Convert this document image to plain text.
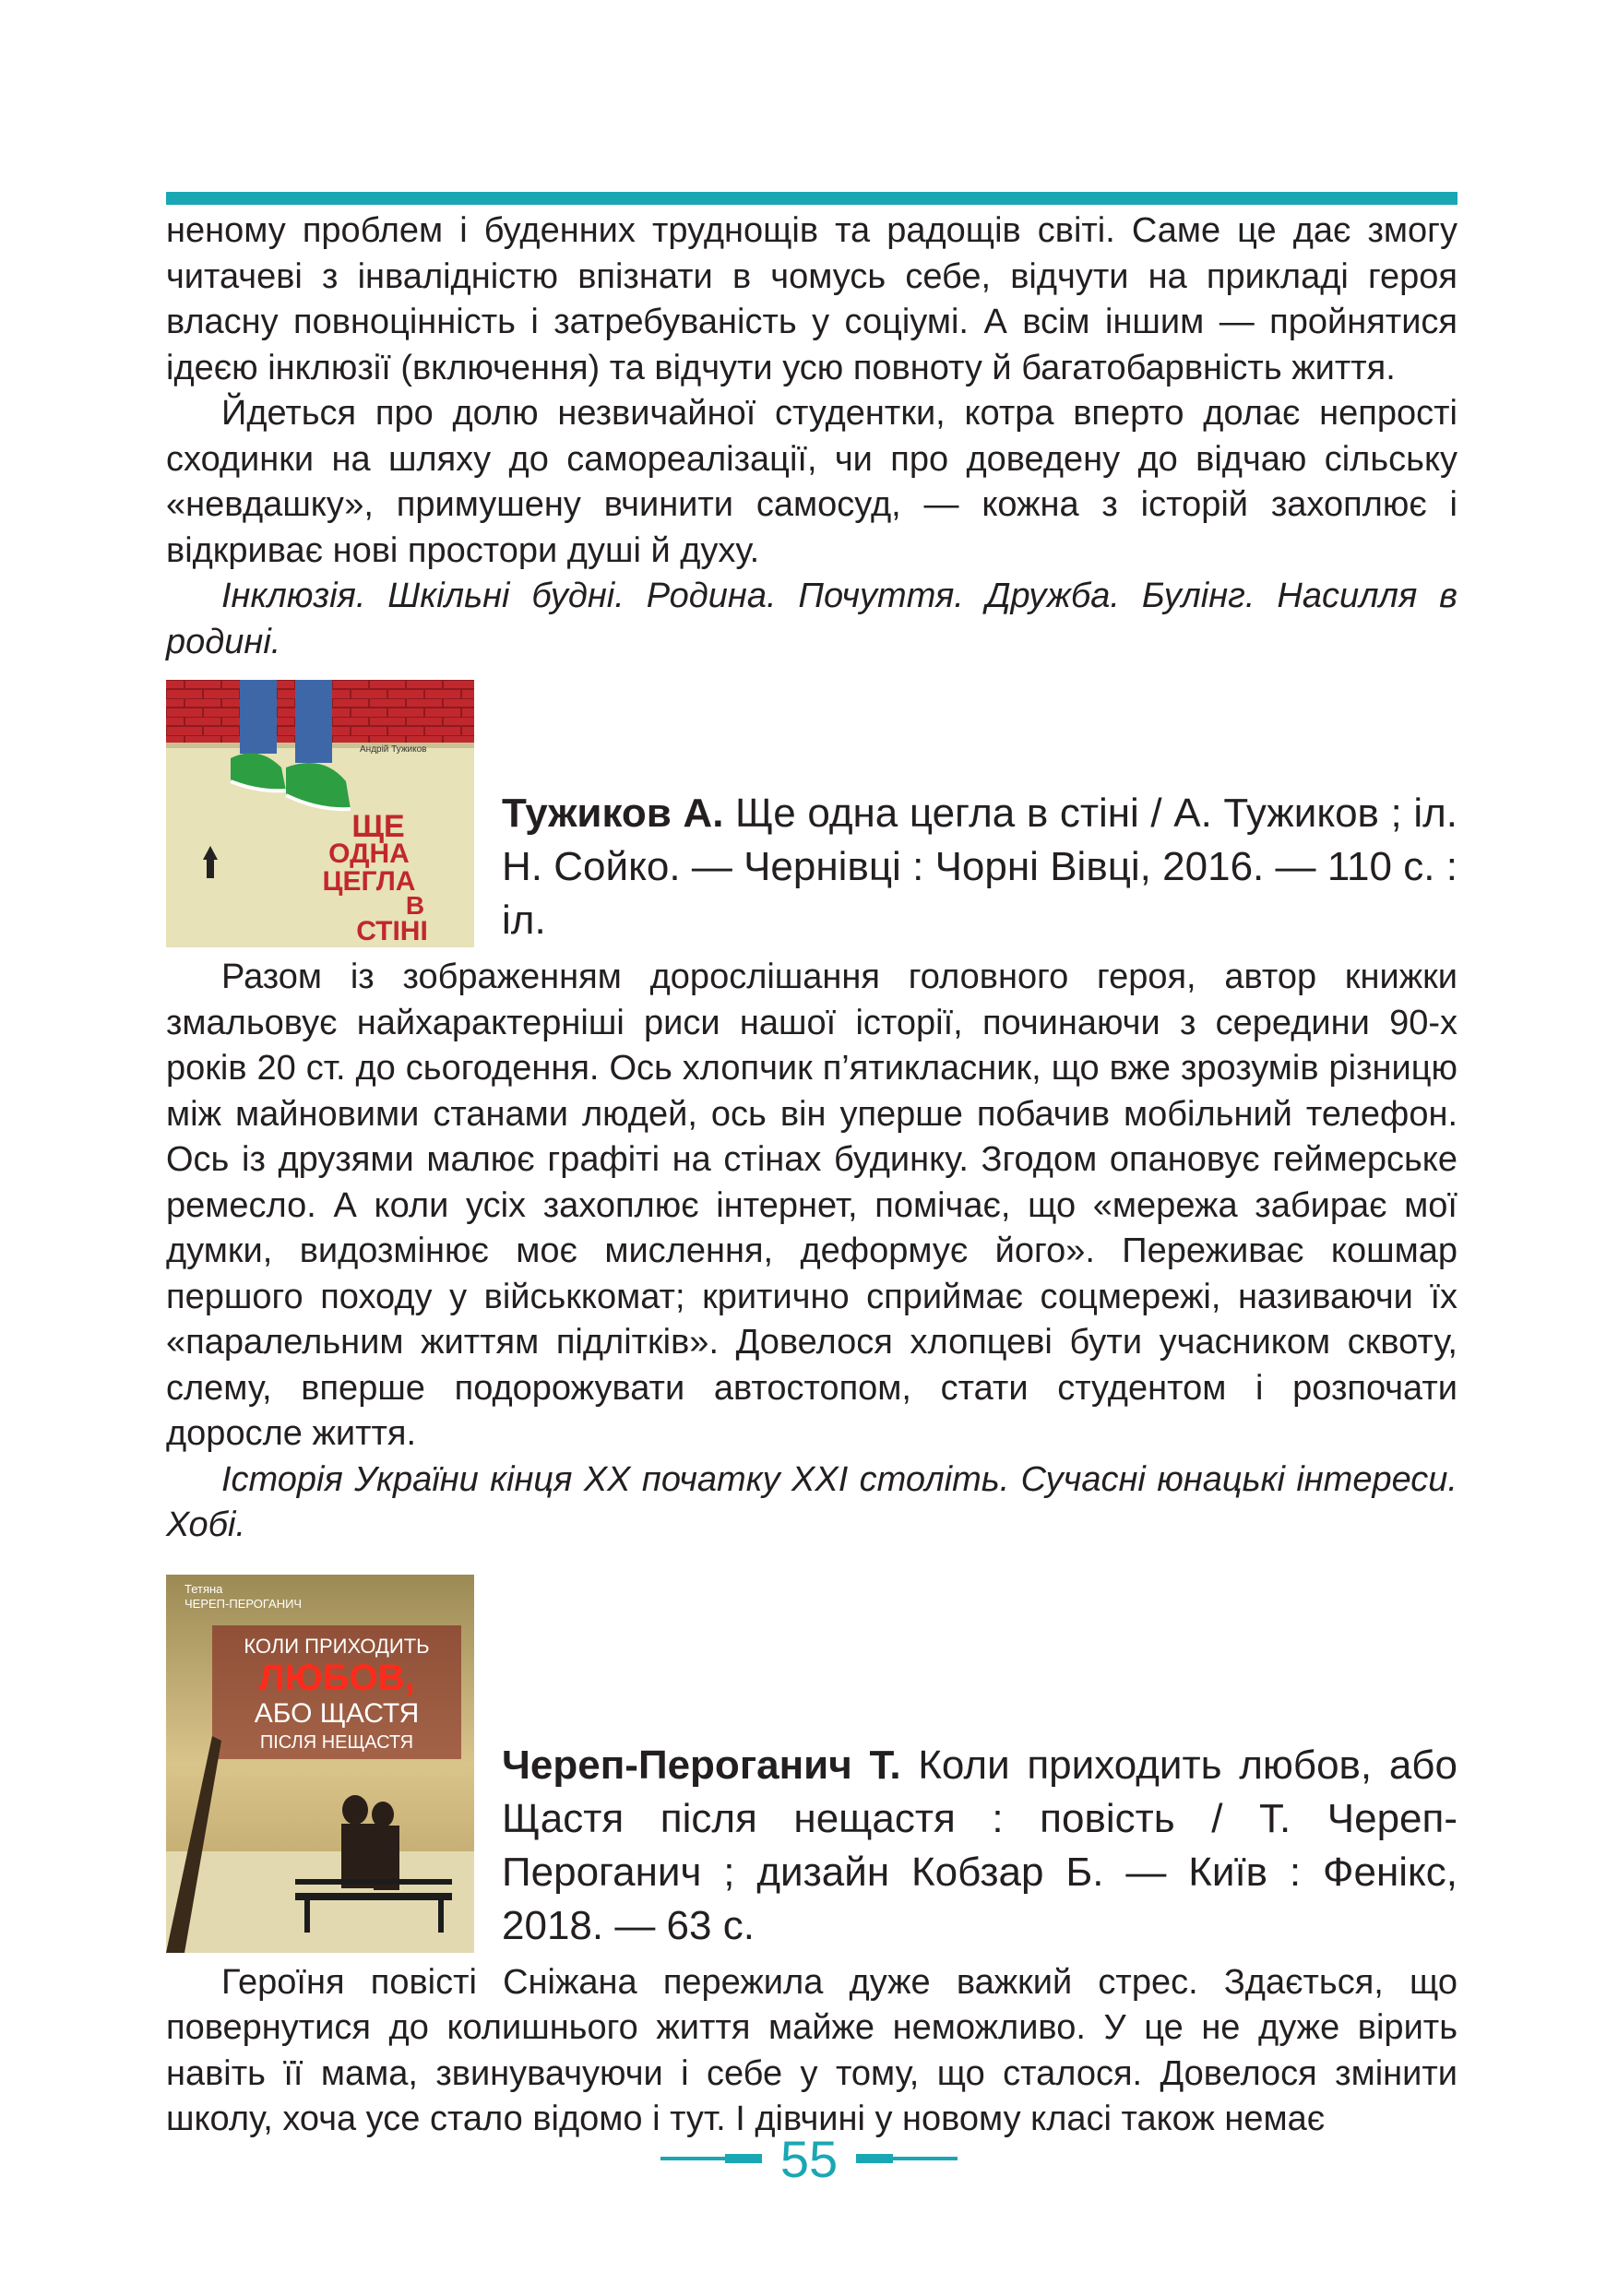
неному проблем і буденних труднощів та радощів світі. Саме це дає змогу читачеві з інвалідністю впізнати в чомусь себе, відчути на прикладі героя власну повноцінність і затребуваність у соціумі. А всім іншим — пройнятися ідеєю інклюзії (включення) та відчути усю повноту й багатобарвність життя.

Йдеться про долю незвичайної студентки, котра вперто долає непрості сходинки на шляху до самореалізації, чи про доведену до відчаю сільську «невдашку», примушену вчинити самосуд, — кожна з історій захоплює і відкриває нові простори душі й духу.

Інклюзія. Шкільні будні. Родина. Почуття. Дружба. Булінг. Насилля в родині.

Андрій Тужиков
ЩЕ
ОДНА
ЦЕГЛА
В
СТІНІ

Тужиков А. Ще одна цегла в стіні / А. Тужиков ; іл. Н. Сойко. — Чернівці : Чорні Вівці, 2016. — 110 с. : іл.

Разом із зображенням дорослішання головного героя, автор книжки змальовує найхарактерніші риси нашої історії, починаючи з середини 90-х років 20 ст. до сьогодення. Ось хлопчик п’ятикласник, що вже зрозумів різницю між майновими станами людей, ось він уперше побачив мобільний телефон. Ось із друзями малює графіті на стінах будинку. Згодом опановує геймерське ремесло. А коли усіх захоплює інтернет, помічає, що «мережа забирає мої думки, видозмінює моє мислення, деформує його». Переживає кошмар першого походу у військкомат; критично сприймає соцмережі, називаючи їх «паралельним життям підлітків». Довелося хлопцеві бути учасником сквоту, слему, вперше подорожувати автостопом, стати студентом і розпочати доросле життя.

Історія України кінця ХХ початку ХХІ століть. Сучасні юнацькі інтереси. Хобі.

Тетяна
ЧЕРЕП-ПЕРОГАНИЧ
КОЛИ ПРИХОДИТЬ
ЛЮБОВ,
АБО ЩАСТЯ
ПІСЛЯ НЕЩАСТЯ Череп-Пероганич Т. Коли приходить любов, або Щастя після нещастя : повість / Т. Череп-Пероганич ; дизайн Кобзар Б. — Київ : Фенікс, 2018. — 63 с.

Героїня повісті Сніжана пережила дуже важкий стрес. Здається, що повернутися до колишнього життя майже неможливо. У це не дуже вірить навіть її мама, звинувачуючи і себе у тому, що сталося. Довелося змінити школу, хоча усе стало відомо і тут. І дівчині у новому класі також немає

55
